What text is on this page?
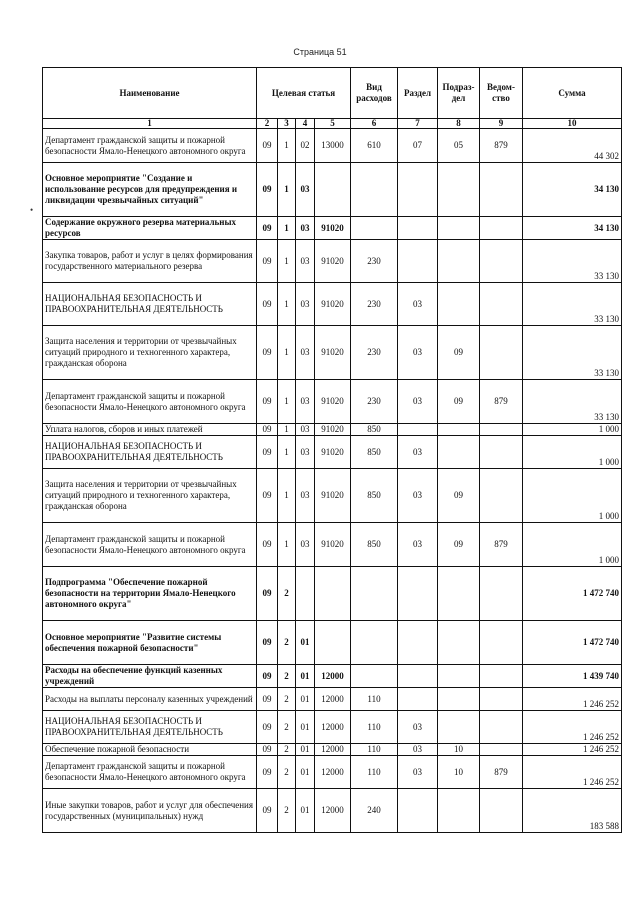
Страница 51
•
Наименование	Целевая статья				Вид расходов	Раздел	Подраз-дел	Ведом-ство	Сумма
1	2	3	4	5	6	7	8	9	10
Департамент гражданской защиты и пожарной безопасности Ямало-Ненецкого автономного округа	09	1	02	13000	610	07	05	879	44 302
Основное мероприятие "Создание и использование ресурсов для предупреждения и ликвидации чрезвычайных ситуаций"	09	1	03						34 130
Содержание окружного резерва материальных ресурсов	09	1	03	91020					34 130
Закупка товаров, работ и услуг в целях формирования государственного материального резерва	09	1	03	91020	230				33 130
НАЦИОНАЛЬНАЯ БЕЗОПАСНОСТЬ И ПРАВООХРАНИТЕЛЬНАЯ ДЕЯТЕЛЬНОСТЬ	09	1	03	91020	230	03			33 130
Защита населения и территории от чрезвычайных ситуаций природного и техногенного характера, гражданская оборона	09	1	03	91020	230	03	09		33 130
Департамент гражданской защиты и пожарной безопасности Ямало-Ненецкого автономного округа	09	1	03	91020	230	03	09	879	33 130
Уплата налогов, сборов и иных платежей	09	1	03	91020	850				1 000
НАЦИОНАЛЬНАЯ БЕЗОПАСНОСТЬ И ПРАВООХРАНИТЕЛЬНАЯ ДЕЯТЕЛЬНОСТЬ	09	1	03	91020	850	03			1 000
Защита населения и территории от чрезвычайных ситуаций природного и техногенного характера, гражданская оборона	09	1	03	91020	850	03	09		1 000
Департамент гражданской защиты и пожарной безопасности Ямало-Ненецкого автономного округа	09	1	03	91020	850	03	09	879	1 000
Подпрограмма "Обеспечение пожарной безопасности на территории Ямало-Ненецкого автономного округа"	09	2							1 472 740
Основное мероприятие "Развитие системы обеспечения пожарной безопасности"	09	2	01						1 472 740
Расходы на обеспечение функций казенных учреждений	09	2	01	12000					1 439 740
Расходы на выплаты персоналу казенных учреждений	09	2	01	12000	110				1 246 252
НАЦИОНАЛЬНАЯ БЕЗОПАСНОСТЬ И ПРАВООХРАНИТЕЛЬНАЯ ДЕЯТЕЛЬНОСТЬ	09	2	01	12000	110	03			1 246 252
Обеспечение пожарной безопасности	09	2	01	12000	110	03	10		1 246 252
Департамент гражданской защиты и пожарной безопасности Ямало-Ненецкого автономного округа	09	2	01	12000	110	03	10	879	1 246 252
Иные закупки товаров, работ и услуг для обеспечения государственных (муниципальных) нужд	09	2	01	12000	240				183 588
